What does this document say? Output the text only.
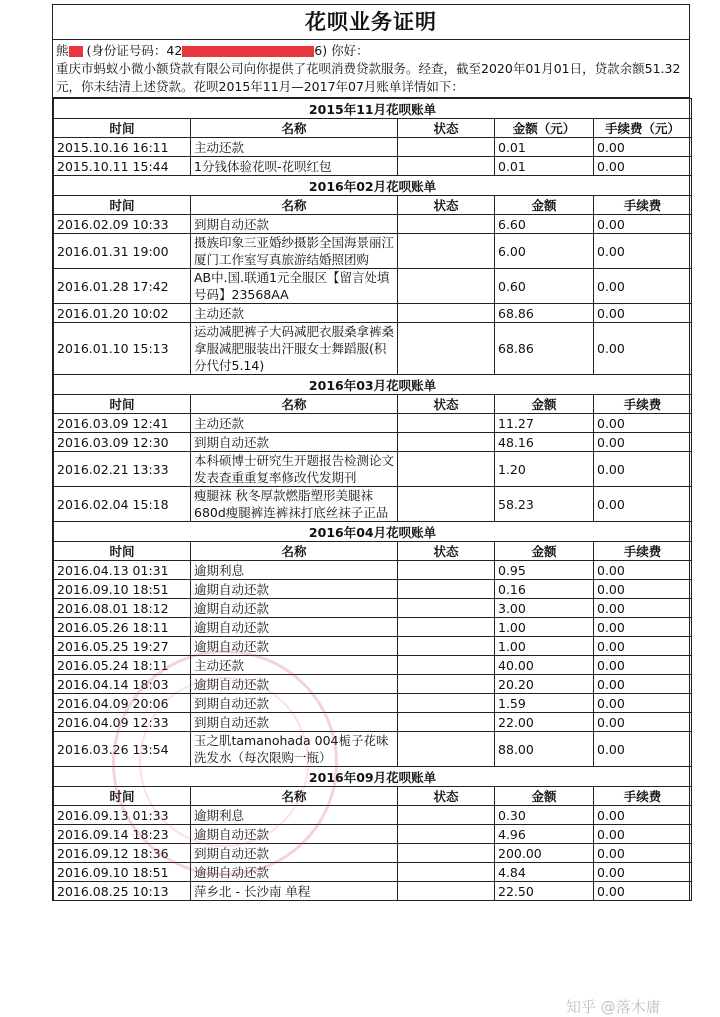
花呗业务证明
熊 (身份证号码：42	6) 你好：
重庆市蚂蚁小微小额贷款有限公司向你提供了花呗消费贷款服务。经查，截至2020年01月01日，贷款余额51.32元，你未结清上述贷款。花呗2015年11月—2017年07月账单详情如下：
2015年11月花呗账单				
时间	名称	状态	金额（元）	手续费（元）
2015.10.16 16:11	主动还款		0.01	0.00
2015.10.11 15:44	1分钱体验花呗-花呗红包		0.01	0.00
2016年02月花呗账单				
时间	名称	状态	金额	手续费
2016.02.09 10:33	到期自动还款		6.60	0.00
2016.01.31 19:00	摄族印象三亚婚纱摄影全国海景丽江厦门工作室写真旅游结婚照团购		6.00	0.00
2016.01.28 17:42	AB中.国.联通1元全服区【留言处填号码】23568AA		0.60	0.00
2016.01.20 10:02	主动还款		68.86	0.00
2016.01.10 15:13	运动减肥裤子大码减肥衣服桑拿裤桑拿服减肥服装出汗服女士舞蹈服(积分代付5.14)		68.86	0.00
2016年03月花呗账单				
时间	名称	状态	金额	手续费
2016.03.09 12:41	主动还款		11.27	0.00
2016.03.09 12:30	到期自动还款		48.16	0.00
2016.02.21 13:33	本科硕博士研究生开题报告检测论文发表查重重复率修改代发期刊		1.20	0.00
2016.02.04 15:18	瘦腿袜 秋冬厚款燃脂塑形美腿袜680d瘦腿裤连裤袜打底丝袜子正品		58.23	0.00
2016年04月花呗账单				
时间	名称	状态	金额	手续费
2016.04.13 01:31	逾期利息		0.95	0.00
2016.09.10 18:51	逾期自动还款		0.16	0.00
2016.08.01 18:12	逾期自动还款		3.00	0.00
2016.05.26 18:11	逾期自动还款		1.00	0.00
2016.05.25 19:27	逾期自动还款		1.00	0.00
2016.05.24 18:11	主动还款		40.00	0.00
2016.04.14 18:03	逾期自动还款		20.20	0.00
2016.04.09 20:06	到期自动还款		1.59	0.00
2016.04.09 12:33	到期自动还款		22.00	0.00
2016.03.26 13:54	玉之肌tamanohada 004栀子花味洗发水（每次限购一瓶）		88.00	0.00
2016年09月花呗账单				
时间	名称	状态	金额	手续费
2016.09.13 01:33	逾期利息		0.30	0.00
2016.09.14 18:23	逾期自动还款		4.96	0.00
2016.09.12 18:36	到期自动还款		200.00	0.00
2016.09.10 18:51	逾期自动还款		4.84	0.00
2016.08.25 10:13	萍乡北 - 长沙南 单程		22.50	0.00
知乎 @落木庸
